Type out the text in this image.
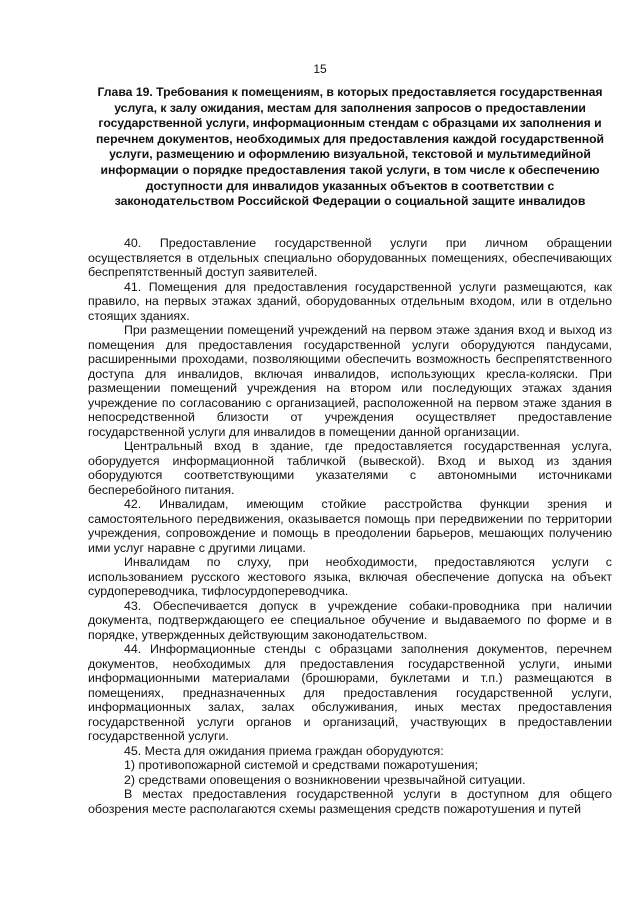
15
Глава 19. Требования к помещениям, в которых предоставляется государственная услуга, к залу ожидания, местам для заполнения запросов о предоставлении государственной услуги, информационным стендам с образцами их заполнения и перечнем документов, необходимых для предоставления каждой государственной услуги, размещению и оформлению визуальной, текстовой и мультимедийной информации о порядке предоставления такой услуги, в том числе к обеспечению доступности для инвалидов указанных объектов в соответствии с законодательством Российской Федерации о социальной защите инвалидов

40. Предоставление государственной услуги при личном обращении осуществляется в отдельных специально оборудованных помещениях, обеспечивающих беспрепятственный доступ заявителей.

41. Помещения для предоставления государственной услуги размещаются, как правило, на первых этажах зданий, оборудованных отдельным входом, или в отдельно стоящих зданиях.

При размещении помещений учреждений на первом этаже здания вход и выход из помещения для предоставления государственной услуги оборудуются пандусами, расширенными проходами, позволяющими обеспечить возможность беспрепятственного доступа для инвалидов, включая инвалидов, использующих кресла-коляски. При размещении помещений учреждения на втором или последующих этажах здания учреждение по согласованию с организацией, расположенной на первом этаже здания в непосредственной близости от учреждения осуществляет предоставление государственной услуги для инвалидов в помещении данной организации.

Центральный вход в здание, где предоставляется государственная услуга, оборудуется информационной табличкой (вывеской). Вход и выход из здания оборудуются соответствующими указателями с автономными источниками бесперебойного питания.

42. Инвалидам, имеющим стойкие расстройства функции зрения и самостоятельного передвижения, оказывается помощь при передвижении по территории учреждения, сопровождение и помощь в преодолении барьеров, мешающих получению ими услуг наравне с другими лицами.

Инвалидам по слуху, при необходимости, предоставляются услуги с использованием русского жестового языка, включая обеспечение допуска на объект сурдопереводчика, тифлосурдопереводчика.

43. Обеспечивается допуск в учреждение собаки-проводника при наличии документа, подтверждающего ее специальное обучение и выдаваемого по форме и в порядке, утвержденных действующим законодательством.

44. Информационные стенды с образцами заполнения документов, перечнем документов, необходимых для предоставления государственной услуги, иными информационными материалами (брошюрами, буклетами и т.п.) размещаются в помещениях, предназначенных для предоставления государственной услуги, информационных залах, залах обслуживания, иных местах предоставления государственной услуги органов и организаций, участвующих в предоставлении государственной услуги.

45. Места для ожидания приема граждан оборудуются:

1) противопожарной системой и средствами пожаротушения;

2) средствами оповещения о возникновении чрезвычайной ситуации.

В местах предоставления государственной услуги в доступном для общего обозрения месте располагаются схемы размещения средств пожаротушения и путей
